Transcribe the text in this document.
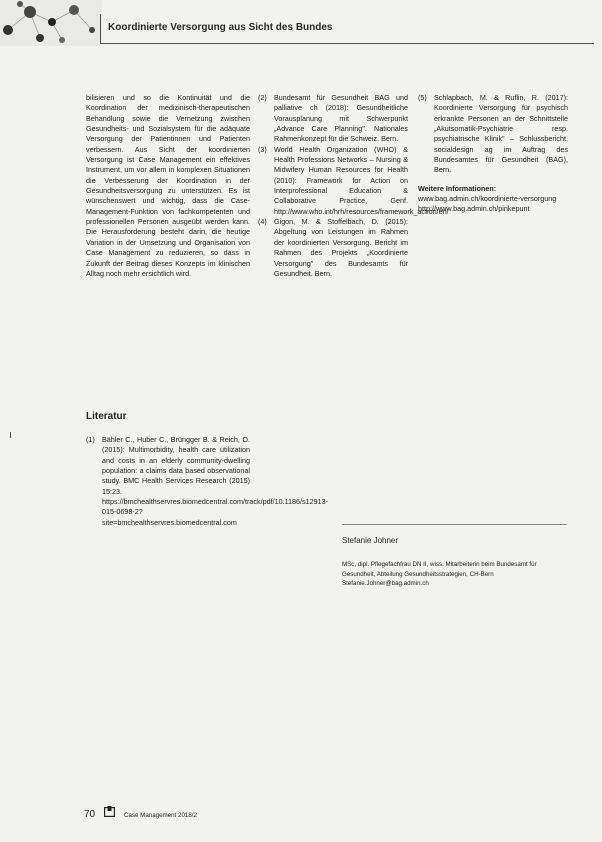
Koordinierte Versorgung aus Sicht des Bundes

bilisieren und so die Kontinuität und die Koordination der medizinisch-therapeutischen Behandlung sowie die Vernetzung zwischen Gesundheits- und Sozialsystem für die adäquate Versorgung der Patientinnen und Patienten verbessern. Aus Sicht der koordinierten Versorgung ist Case Management ein effektives Instrument, um vor allem in komplexen Situationen die Verbesserung der Koordination in der Gesundheitsversorgung zu unterstützen. Es ist wünschenswert und wichtig, dass die Case-Management-Funktion von fachkompetenten und professionellen Personen ausgeübt werden kann. Die Herausforderung besteht darin, die heutige Variation in der Umsetzung und Organisation von Case Management zu reduzieren, so dass in Zukunft der Beitrag dieses Konzepts im klinischen Alltag noch mehr ersichtlich wird.

Literatur

(1) Bähler C., Huber C., Brüngger B. & Reich, O. (2015): Multimorbidity, health care utilization and costs in an elderly community-dwelling population: a claims data based observational study. BMC Health Services Research (2015) 15:23. https://bmchealthservres.biomedcentral.com/track/pdf/10.1186/s12913-015-0698-2?site=bmchealthservres.biomedcentral.com

(2) Bundesamt für Gesundheit BAG und palliative ch (2018): Gesundheitliche Vorausplanung mit Schwerpunkt „Advance Care Planning". Nationales Rahmenkonzept für die Schweiz. Bern.

(3) World Health Organization (WHO) & Health Professions Networks – Nursing & Midwifery Human Resources for Health (2010): Framework for Action on Interprofessional Education & Collaborative Practice, Genf. http://www.who.int/hrh/resources/framework_action/en/

(4) Gigon, M. & Stoffelbach, D. (2015): Abgeltung von Leistungen im Rahmen der koordinierten Versorgung. Bericht im Rahmen des Projekts „Koordinierte Versorgung" des Bundesamts für Gesundheit. Bern.

(5) Schlapbach, M. & Ruflin, R. (2017): Koordinierte Versorgung für psychisch erkrankte Personen an der Schnittstelle „Akutsomatik-Psychiatrie resp. psychiatrische Klinik" – Schlussbericht. socialdesign ag im Auftrag des Bundesamtes für Gesundheit (BAG), Bern.

Weitere Informationen:

www.bag.admin.ch/koordinierte-versorgung

http://www.bag.admin.ch/pinkepunt

Stefanie Johner
MSc, dipl. Pflegefachfrau DN II, wiss. Mitarbeiterin beim Bundesamt für Gesundheit, Abteilung Gesundheitsstrategien, CH-Bern
Stefanie.Johner@bag.admin.ch
70	Case Management 2018/2
